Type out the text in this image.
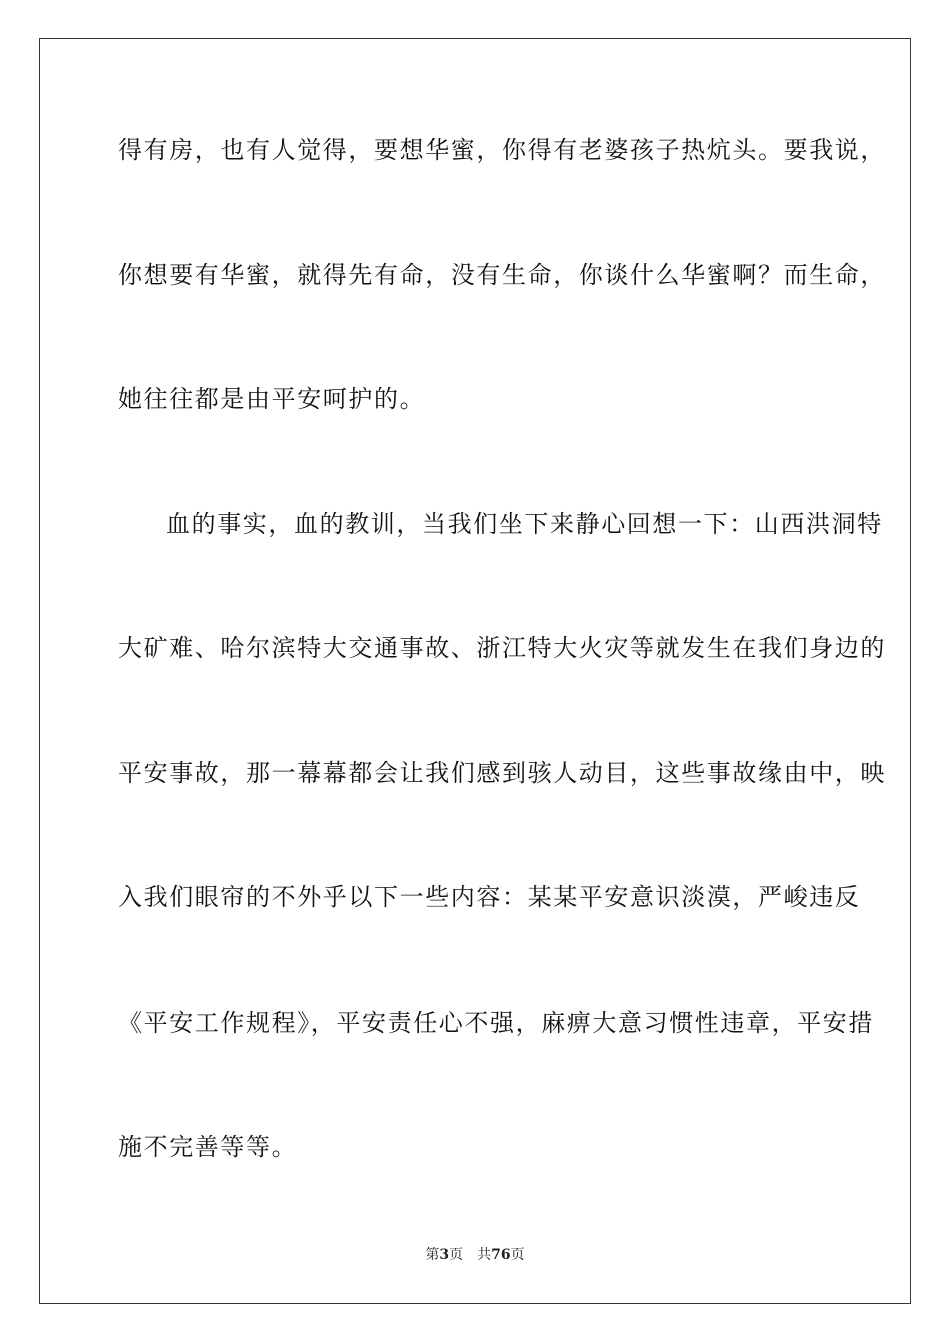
得有房，也有人觉得，要想华蜜，你得有老婆孩子热炕头。要我说，
你想要有华蜜，就得先有命，没有生命，你谈什么华蜜啊？而生命，
她往往都是由平安呵护的。
血的事实，血的教训，当我们坐下来静心回想一下：山西洪洞特
大矿难、哈尔滨特大交通事故、浙江特大火灾等就发生在我们身边的
平安事故，那一幕幕都会让我们感到骇人动目，这些事故缘由中，映
入我们眼帘的不外乎以下一些内容：某某平安意识淡漠，严峻违反
《平安工作规程》，平安责任心不强，麻痹大意习惯性违章，平安措
施不完善等等。
第3页 共76页
